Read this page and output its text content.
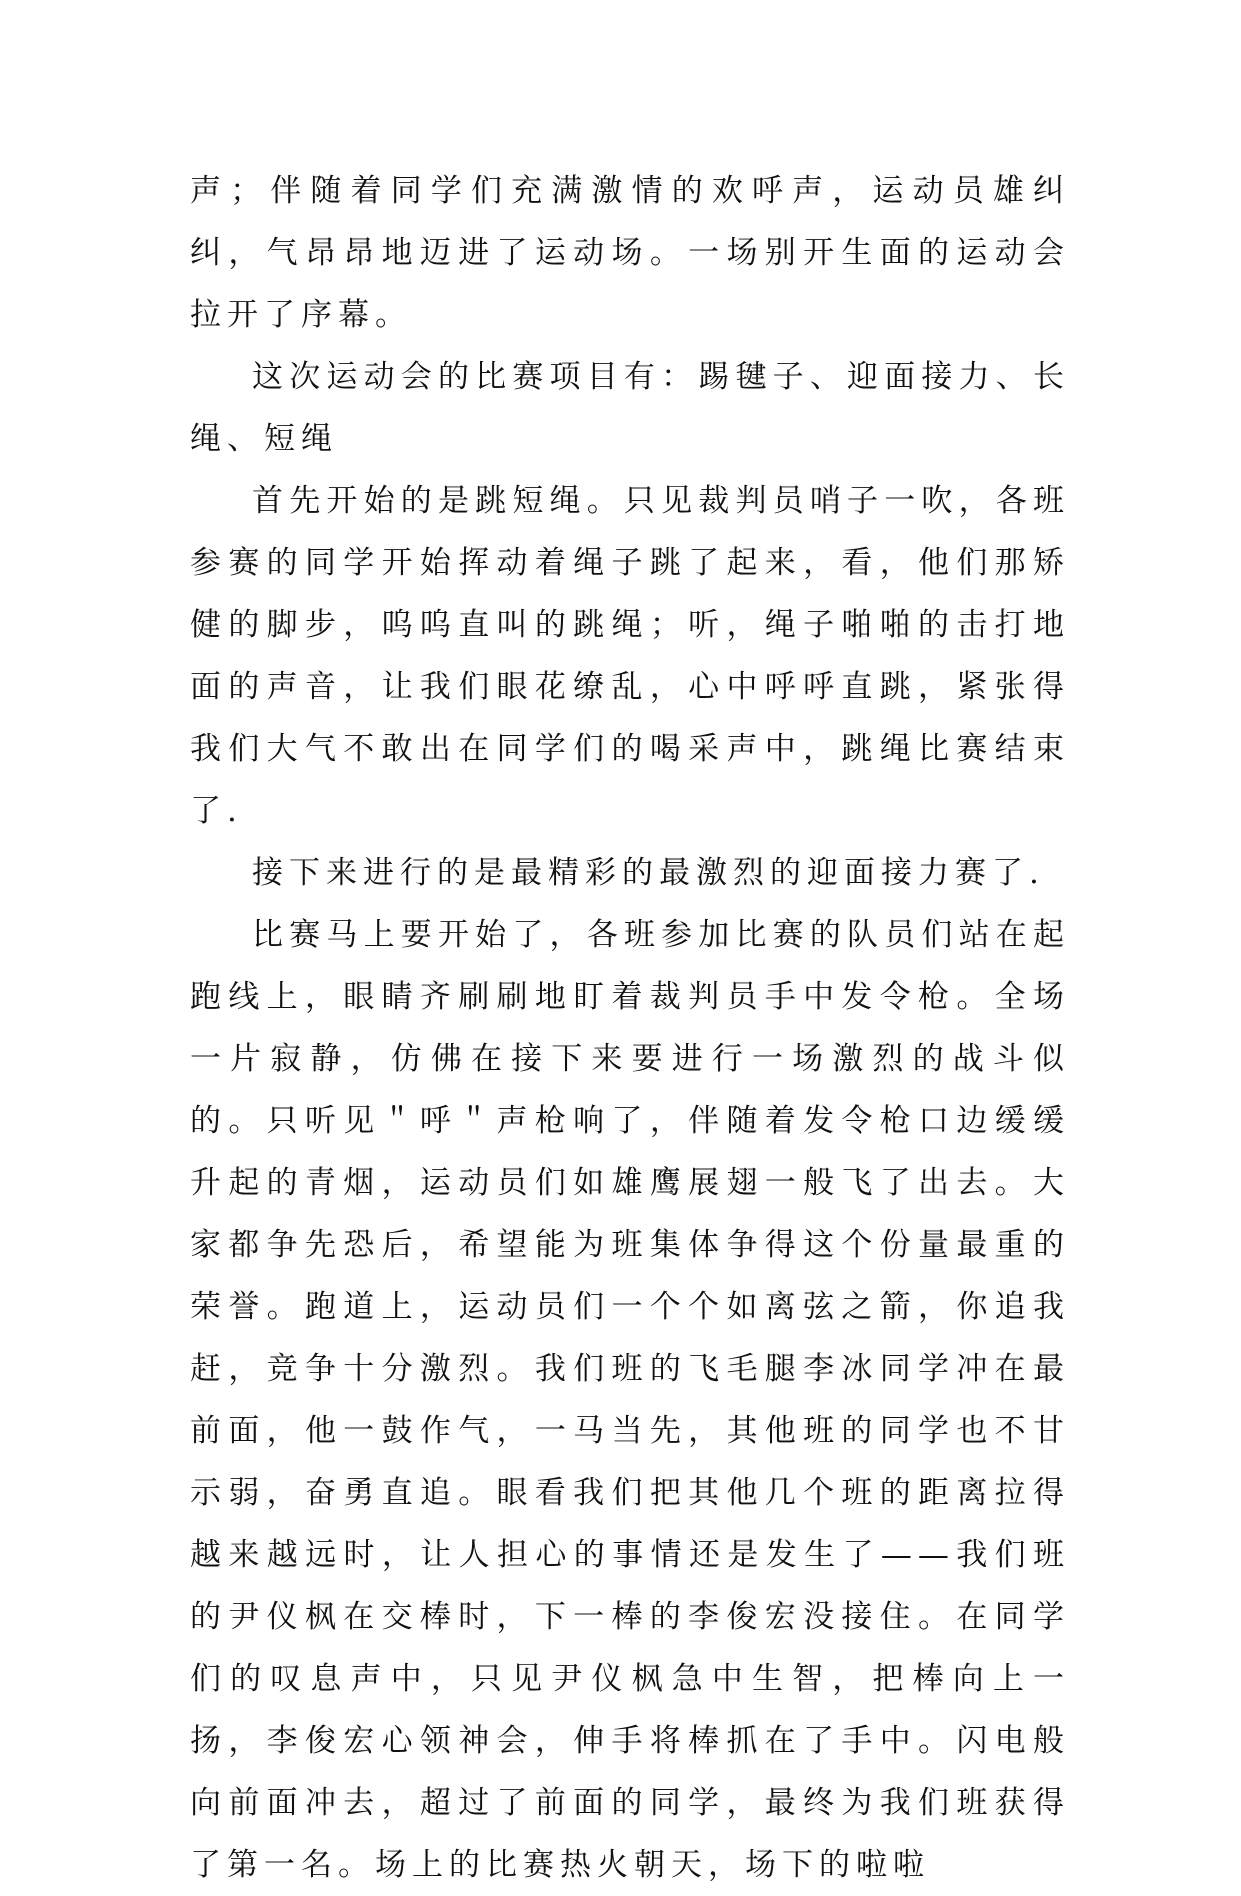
声；伴随着同学们充满激情的欢呼声，运动员雄纠纠，气昂昂地迈进了运动场。一场别开生面的运动会拉开了序幕。

这次运动会的比赛项目有：踢毽子、迎面接力、长绳、短绳

首先开始的是跳短绳。只见裁判员哨子一吹，各班参赛的同学开始挥动着绳子跳了起来，看，他们那矫健的脚步，呜呜直叫的跳绳；听，绳子啪啪的击打地面的声音，让我们眼花缭乱，心中呼呼直跳，紧张得我们大气不敢出在同学们的喝采声中，跳绳比赛结束了.

接下来进行的是最精彩的最激烈的迎面接力赛了.

比赛马上要开始了，各班参加比赛的队员们站在起跑线上，眼睛齐刷刷地盯着裁判员手中发令枪。全场一片寂静，仿佛在接下来要进行一场激烈的战斗似的。只听见＂呼＂声枪响了，伴随着发令枪口边缓缓升起的青烟，运动员们如雄鹰展翅一般飞了出去。大家都争先恐后，希望能为班集体争得这个份量最重的荣誉。跑道上，运动员们一个个如离弦之箭，你追我赶，竞争十分激烈。我们班的飞毛腿李冰同学冲在最前面，他一鼓作气，一马当先，其他班的同学也不甘示弱，奋勇直追。眼看我们把其他几个班的距离拉得越来越远时，让人担心的事情还是发生了——我们班的尹仪枫在交棒时，下一棒的李俊宏没接住。在同学们的叹息声中，只见尹仪枫急中生智，把棒向上一扬，李俊宏心领神会，伸手将棒抓在了手中。闪电般向前面冲去，超过了前面的同学，最终为我们班获得了第一名。场上的比赛热火朝天，场下的啦啦
